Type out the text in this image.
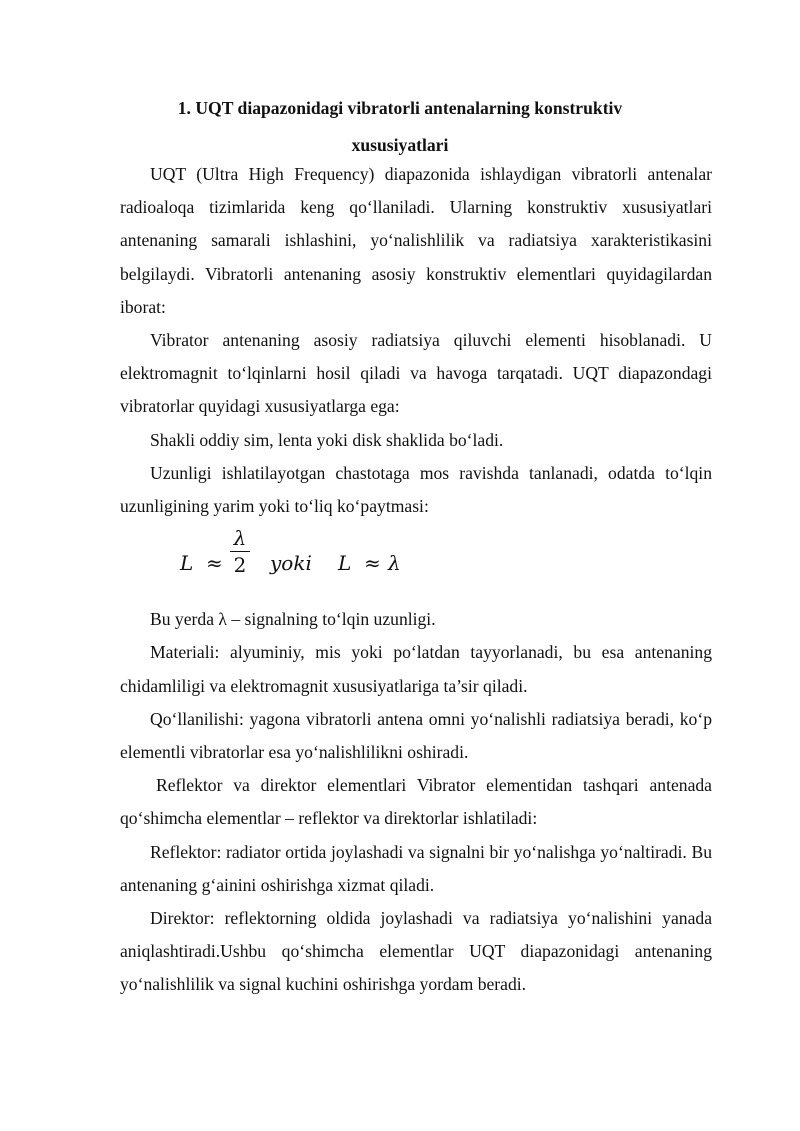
1. UQT diapazonidagi vibratorli antenalarning konstruktiv
xususiyatlari

UQT (Ultra High Frequency) diapazonida ishlaydigan vibratorli antenalar radioaloqa tizimlarida keng qo‘llaniladi. Ularning konstruktiv xususiyatlari antenaning samarali ishlashini, yo‘nalishlilik va radiatsiya xarakteristikasini belgilaydi. Vibratorli antenaning asosiy konstruktiv elementlari quyidagilardan iborat:

Vibrator antenaning asosiy radiatsiya qiluvchi elementi hisoblanadi. U elektromagnit to‘lqinlarni hosil qiladi va havoga tarqatadi. UQT diapazondagi vibratorlar quyidagi xususiyatlarga ega:

Shakli oddiy sim, lenta yoki disk shaklida bo‘ladi.

Uzunligi ishlatilayotgan chastotaga mos ravishda tanlanadi, odatda to‘lqin uzunligining yarim yoki to‘liq ko‘paytmasi:

L ≈
λ
2 yoki L ≈ λ

Bu yerda λ – signalning to‘lqin uzunligi.

Materiali: alyuminiy, mis yoki po‘latdan tayyorlanadi, bu esa antenaning chidamliligi va elektromagnit xususiyatlariga ta’sir qiladi.

Qo‘llanilishi: yagona vibratorli antena omni yo‘nalishli radiatsiya beradi, ko‘p elementli vibratorlar esa yo‘nalishlilikni oshiradi.

Reflektor va direktor elementlari Vibrator elementidan tashqari antenada qo‘shimcha elementlar – reflektor va direktorlar ishlatiladi:

Reflektor: radiator ortida joylashadi va signalni bir yo‘nalishga yo‘naltiradi. Bu antenaning g‘ainini oshirishga xizmat qiladi.

Direktor: reflektorning oldida joylashadi va radiatsiya yo‘nalishini yanada aniqlashtiradi.Ushbu qo‘shimcha elementlar UQT diapazonidagi antenaning yo‘nalishlilik va signal kuchini oshirishga yordam beradi.
